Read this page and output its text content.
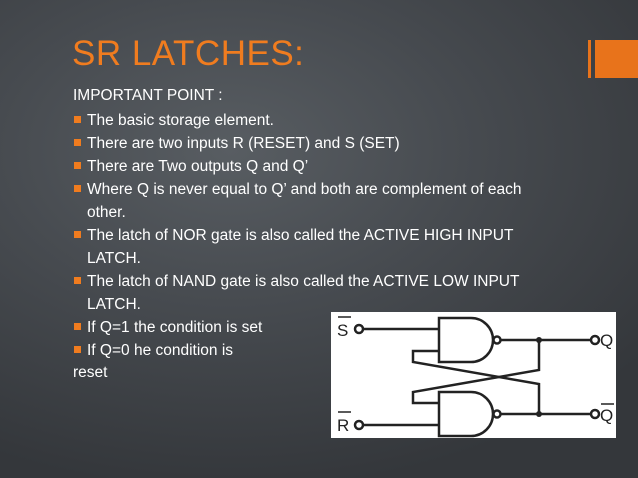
SR LATCHES:

IMPORTANT POINT :

The basic storage element.
There are two inputs R (RESET) and S (SET)
There are Two outputs Q and Q’
Where Q is never equal to Q’ and both are complement of each other.
The latch of NOR gate is also called the ACTIVE HIGH INPUT LATCH.
The latch of NAND gate is also called the ACTIVE LOW INPUT LATCH.
If Q=1 the condition is set
If Q=0 he condition is

reset

S
R
Q
Q
